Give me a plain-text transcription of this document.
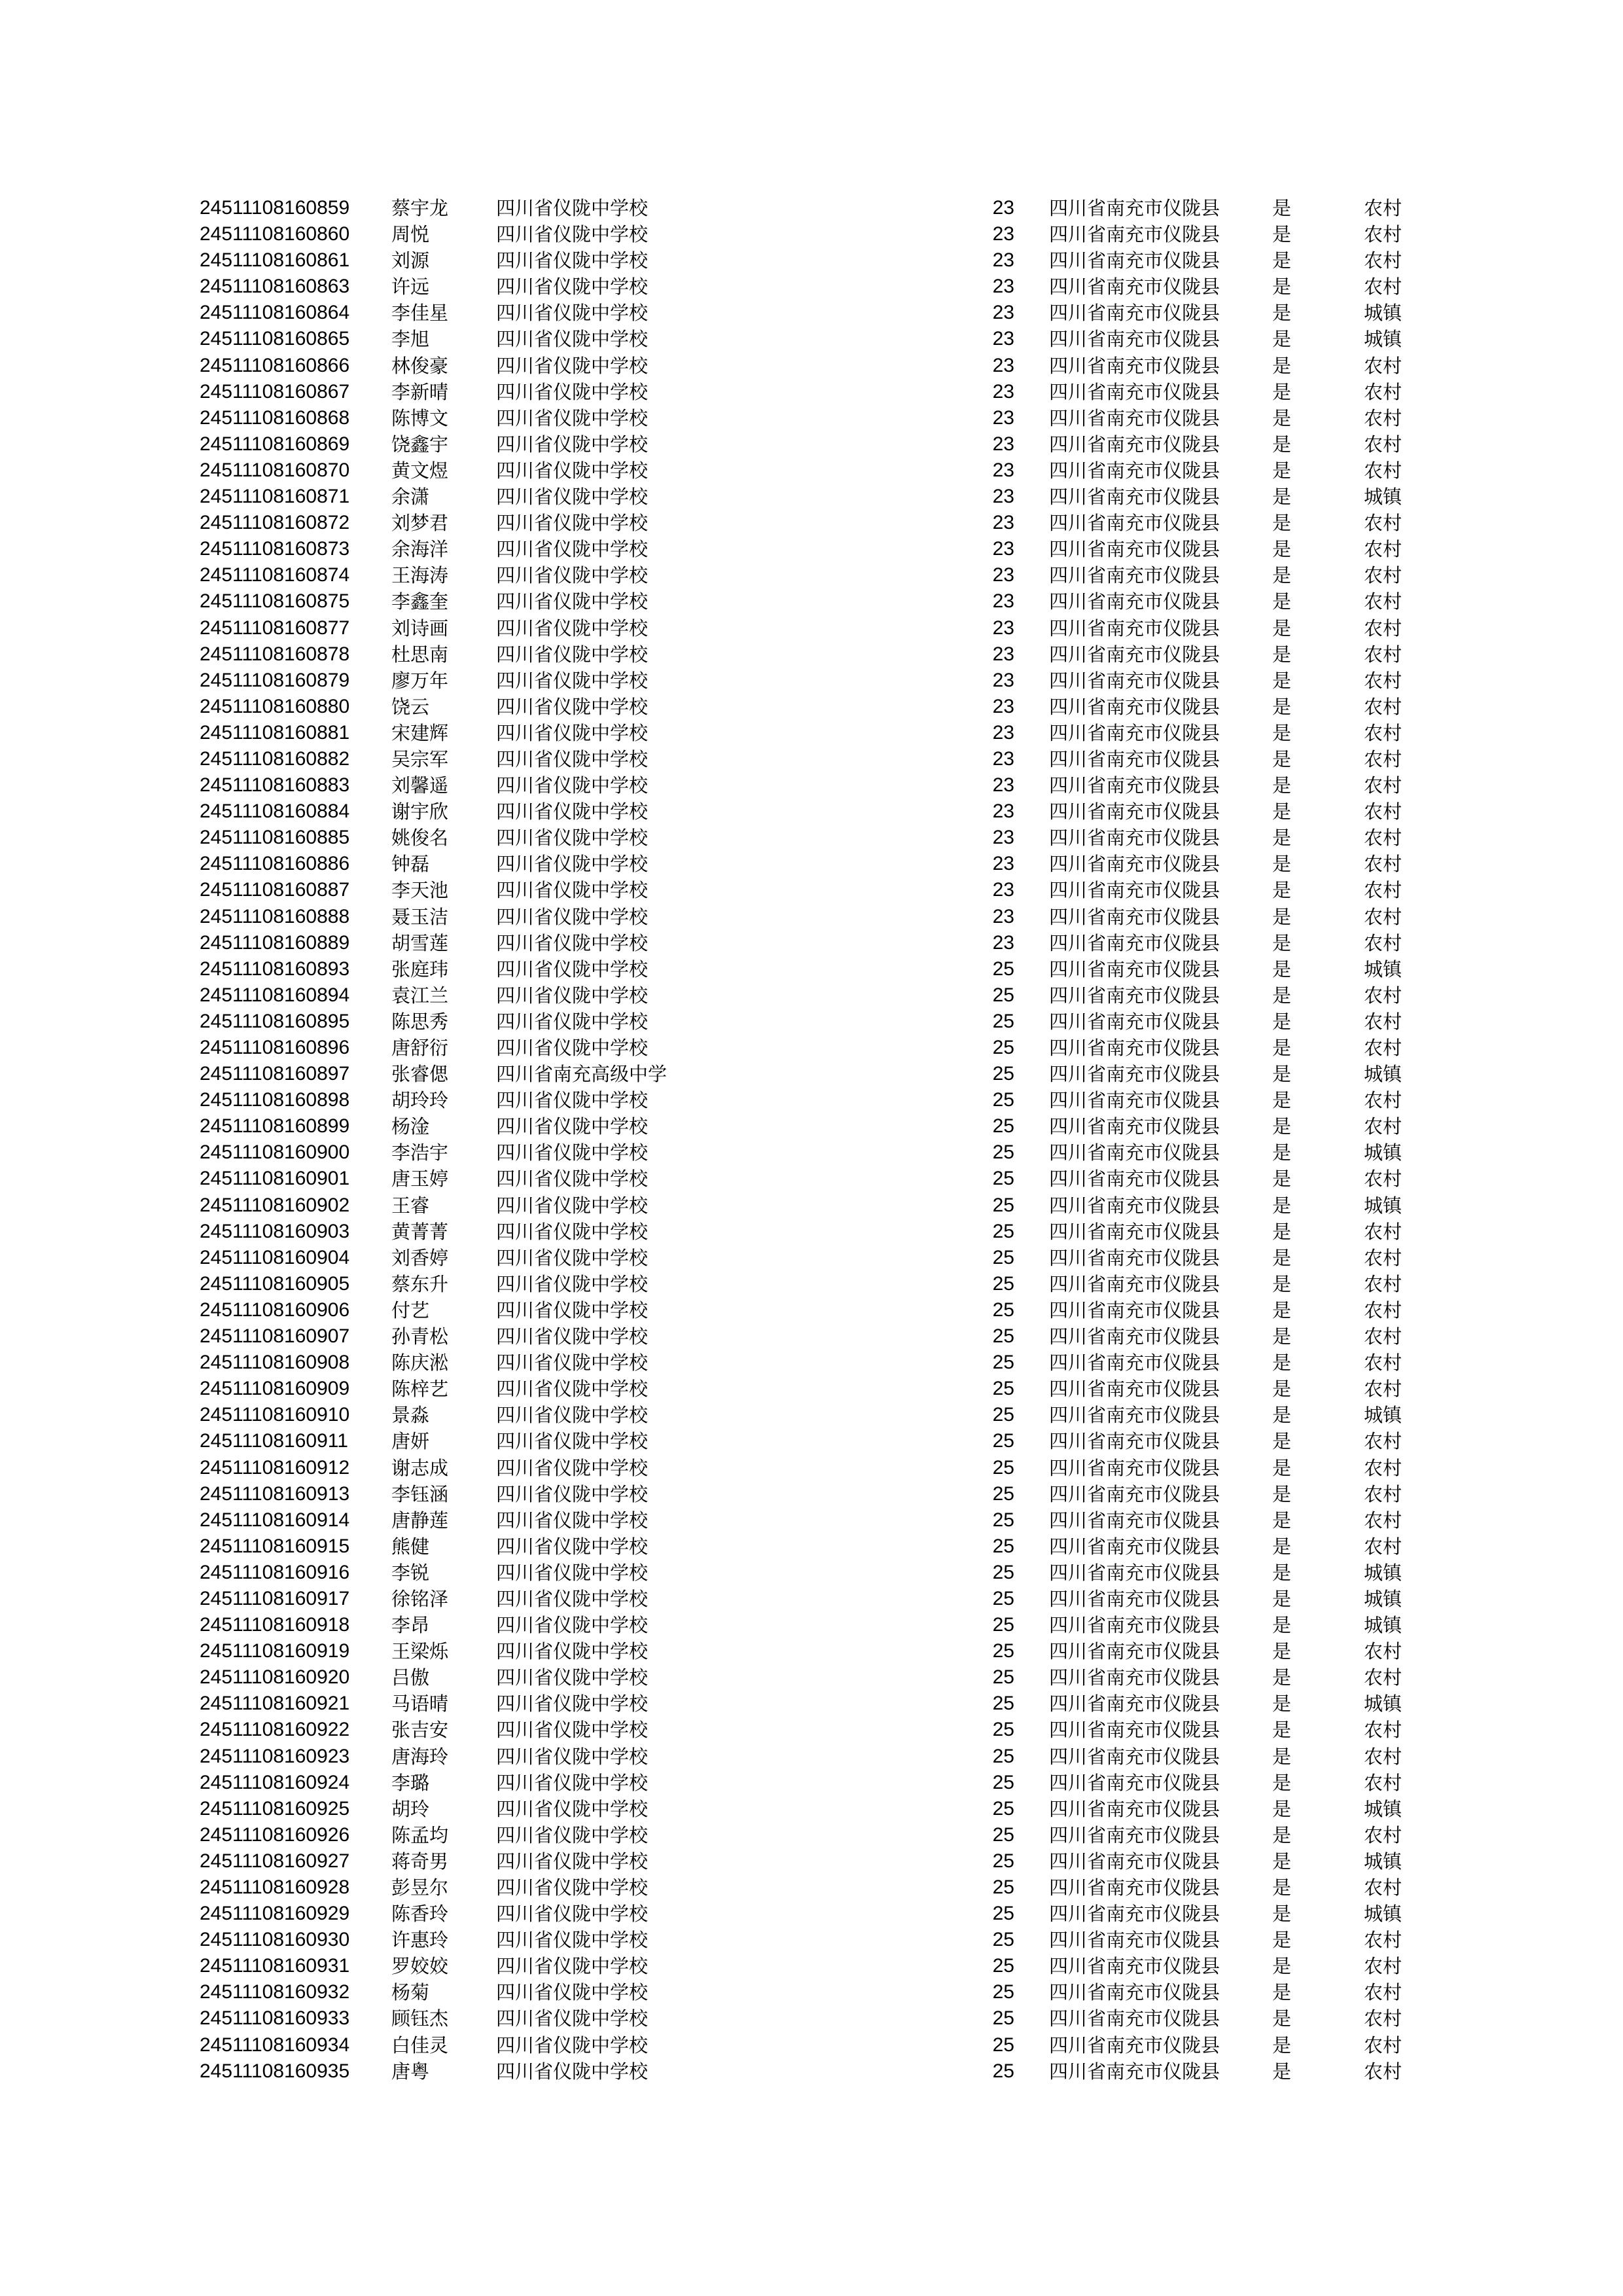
24511108160859 蔡宇龙	四川省仪陇中学校	23 四川省南充市仪陇县	是	农村
24511108160860 周悦	四川省仪陇中学校	23 四川省南充市仪陇县	是	农村
24511108160861 刘源	四川省仪陇中学校	23 四川省南充市仪陇县	是	农村
24511108160863 许远	四川省仪陇中学校	23 四川省南充市仪陇县	是	农村
24511108160864 李佳星	四川省仪陇中学校	23 四川省南充市仪陇县	是	城镇
24511108160865 李旭	四川省仪陇中学校	23 四川省南充市仪陇县	是	城镇
24511108160866 林俊豪	四川省仪陇中学校	23 四川省南充市仪陇县	是	农村
24511108160867 李新晴	四川省仪陇中学校	23 四川省南充市仪陇县	是	农村
24511108160868 陈博文	四川省仪陇中学校	23 四川省南充市仪陇县	是	农村
24511108160869 饶鑫宇	四川省仪陇中学校	23 四川省南充市仪陇县	是	农村
24511108160870 黄文煜	四川省仪陇中学校	23 四川省南充市仪陇县	是	农村
24511108160871 余潇	四川省仪陇中学校	23 四川省南充市仪陇县	是	城镇
24511108160872 刘梦君	四川省仪陇中学校	23 四川省南充市仪陇县	是	农村
24511108160873 余海洋	四川省仪陇中学校	23 四川省南充市仪陇县	是	农村
24511108160874 王海涛	四川省仪陇中学校	23 四川省南充市仪陇县	是	农村
24511108160875 李鑫奎	四川省仪陇中学校	23 四川省南充市仪陇县	是	农村
24511108160877 刘诗画	四川省仪陇中学校	23 四川省南充市仪陇县	是	农村
24511108160878 杜思南	四川省仪陇中学校	23 四川省南充市仪陇县	是	农村
24511108160879 廖万年	四川省仪陇中学校	23 四川省南充市仪陇县	是	农村
24511108160880 饶云	四川省仪陇中学校	23 四川省南充市仪陇县	是	农村
24511108160881 宋建辉	四川省仪陇中学校	23 四川省南充市仪陇县	是	农村
24511108160882 吴宗军	四川省仪陇中学校	23 四川省南充市仪陇县	是	农村
24511108160883 刘馨遥	四川省仪陇中学校	23 四川省南充市仪陇县	是	农村
24511108160884 谢宇欣	四川省仪陇中学校	23 四川省南充市仪陇县	是	农村
24511108160885 姚俊名	四川省仪陇中学校	23 四川省南充市仪陇县	是	农村
24511108160886 钟磊	四川省仪陇中学校	23 四川省南充市仪陇县	是	农村
24511108160887 李天池	四川省仪陇中学校	23 四川省南充市仪陇县	是	农村
24511108160888 聂玉洁	四川省仪陇中学校	23 四川省南充市仪陇县	是	农村
24511108160889 胡雪莲	四川省仪陇中学校	23 四川省南充市仪陇县	是	农村
24511108160893 张庭玮	四川省仪陇中学校	25 四川省南充市仪陇县	是	城镇
24511108160894 袁江兰	四川省仪陇中学校	25 四川省南充市仪陇县	是	农村
24511108160895 陈思秀	四川省仪陇中学校	25 四川省南充市仪陇县	是	农村
24511108160896 唐舒衍	四川省仪陇中学校	25 四川省南充市仪陇县	是	农村
24511108160897 张睿偲	四川省南充高级中学	25 四川省南充市仪陇县	是	城镇
24511108160898 胡玲玲	四川省仪陇中学校	25 四川省南充市仪陇县	是	农村
24511108160899 杨淦	四川省仪陇中学校	25 四川省南充市仪陇县	是	农村
24511108160900 李浩宇	四川省仪陇中学校	25 四川省南充市仪陇县	是	城镇
24511108160901 唐玉婷	四川省仪陇中学校	25 四川省南充市仪陇县	是	农村
24511108160902 王睿	四川省仪陇中学校	25 四川省南充市仪陇县	是	城镇
24511108160903 黄菁菁	四川省仪陇中学校	25 四川省南充市仪陇县	是	农村
24511108160904 刘香婷	四川省仪陇中学校	25 四川省南充市仪陇县	是	农村
24511108160905 蔡东升	四川省仪陇中学校	25 四川省南充市仪陇县	是	农村
24511108160906 付艺	四川省仪陇中学校	25 四川省南充市仪陇县	是	农村
24511108160907 孙青松	四川省仪陇中学校	25 四川省南充市仪陇县	是	农村
24511108160908 陈庆淞	四川省仪陇中学校	25 四川省南充市仪陇县	是	农村
24511108160909 陈梓艺	四川省仪陇中学校	25 四川省南充市仪陇县	是	农村
24511108160910 景淼	四川省仪陇中学校	25 四川省南充市仪陇县	是	城镇
24511108160911 唐妍	四川省仪陇中学校	25 四川省南充市仪陇县	是	农村
24511108160912 谢志成	四川省仪陇中学校	25 四川省南充市仪陇县	是	农村
24511108160913 李钰涵	四川省仪陇中学校	25 四川省南充市仪陇县	是	农村
24511108160914 唐静莲	四川省仪陇中学校	25 四川省南充市仪陇县	是	农村
24511108160915 熊健	四川省仪陇中学校	25 四川省南充市仪陇县	是	农村
24511108160916 李锐	四川省仪陇中学校	25 四川省南充市仪陇县	是	城镇
24511108160917 徐铭泽	四川省仪陇中学校	25 四川省南充市仪陇县	是	城镇
24511108160918 李昂	四川省仪陇中学校	25 四川省南充市仪陇县	是	城镇
24511108160919 王梁烁	四川省仪陇中学校	25 四川省南充市仪陇县	是	农村
24511108160920 吕傲	四川省仪陇中学校	25 四川省南充市仪陇县	是	农村
24511108160921 马语晴	四川省仪陇中学校	25 四川省南充市仪陇县	是	城镇
24511108160922 张吉安	四川省仪陇中学校	25 四川省南充市仪陇县	是	农村
24511108160923 唐海玲	四川省仪陇中学校	25 四川省南充市仪陇县	是	农村
24511108160924 李璐	四川省仪陇中学校	25 四川省南充市仪陇县	是	农村
24511108160925 胡玲	四川省仪陇中学校	25 四川省南充市仪陇县	是	城镇
24511108160926 陈孟均	四川省仪陇中学校	25 四川省南充市仪陇县	是	农村
24511108160927 蒋奇男	四川省仪陇中学校	25 四川省南充市仪陇县	是	城镇
24511108160928 彭昱尔	四川省仪陇中学校	25 四川省南充市仪陇县	是	农村
24511108160929 陈香玲	四川省仪陇中学校	25 四川省南充市仪陇县	是	城镇
24511108160930 许惠玲	四川省仪陇中学校	25 四川省南充市仪陇县	是	农村
24511108160931 罗姣姣	四川省仪陇中学校	25 四川省南充市仪陇县	是	农村
24511108160932 杨菊	四川省仪陇中学校	25 四川省南充市仪陇县	是	农村
24511108160933 顾钰杰	四川省仪陇中学校	25 四川省南充市仪陇县	是	农村
24511108160934 白佳灵	四川省仪陇中学校	25 四川省南充市仪陇县	是	农村
24511108160935 唐粤	四川省仪陇中学校	25 四川省南充市仪陇县	是	农村
